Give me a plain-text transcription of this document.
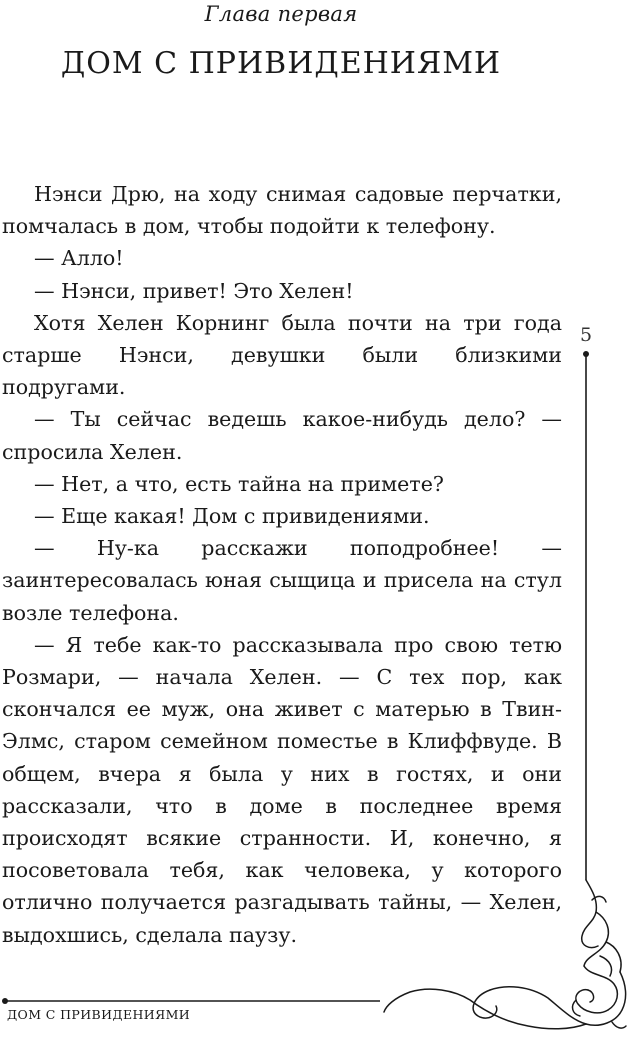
Глава первая
ДОМ С ПРИВИДЕНИЯМИ

Нэнси Дрю, на ходу снимая садовые перчатки, помчалась в дом, чтобы подойти к телефону.

— Алло!

— Нэнси, привет! Это Хелен!

Хотя Хелен Корнинг была почти на три года старше Нэнси, девушки были близкими подругами.

— Ты сейчас ведешь какое-нибудь дело? — спросила Хелен.

— Нет, а что, есть тайна на примете?

— Еще какая! Дом с привидениями.

— Ну-ка расскажи поподробнее! — заинтересовалась юная сыщица и присела на стул возле телефона.

— Я тебе как-то рассказывала про свою тетю Розмари, — начала Хелен. — С тех пор, как скончался ее муж, она живет с матерью в Твин-Элмс, старом семейном поместье в Клиффвуде. В общем, вчера я была у них в гостях, и они рассказали, что в доме в последнее время происходят всякие странности. И, конечно, я посоветовала тебя, как человека, у которого отлично получается разгадывать тайны, — Хелен, выдохшись, сделала паузу.

5
ДОМ С ПРИВИДЕНИЯМИ
